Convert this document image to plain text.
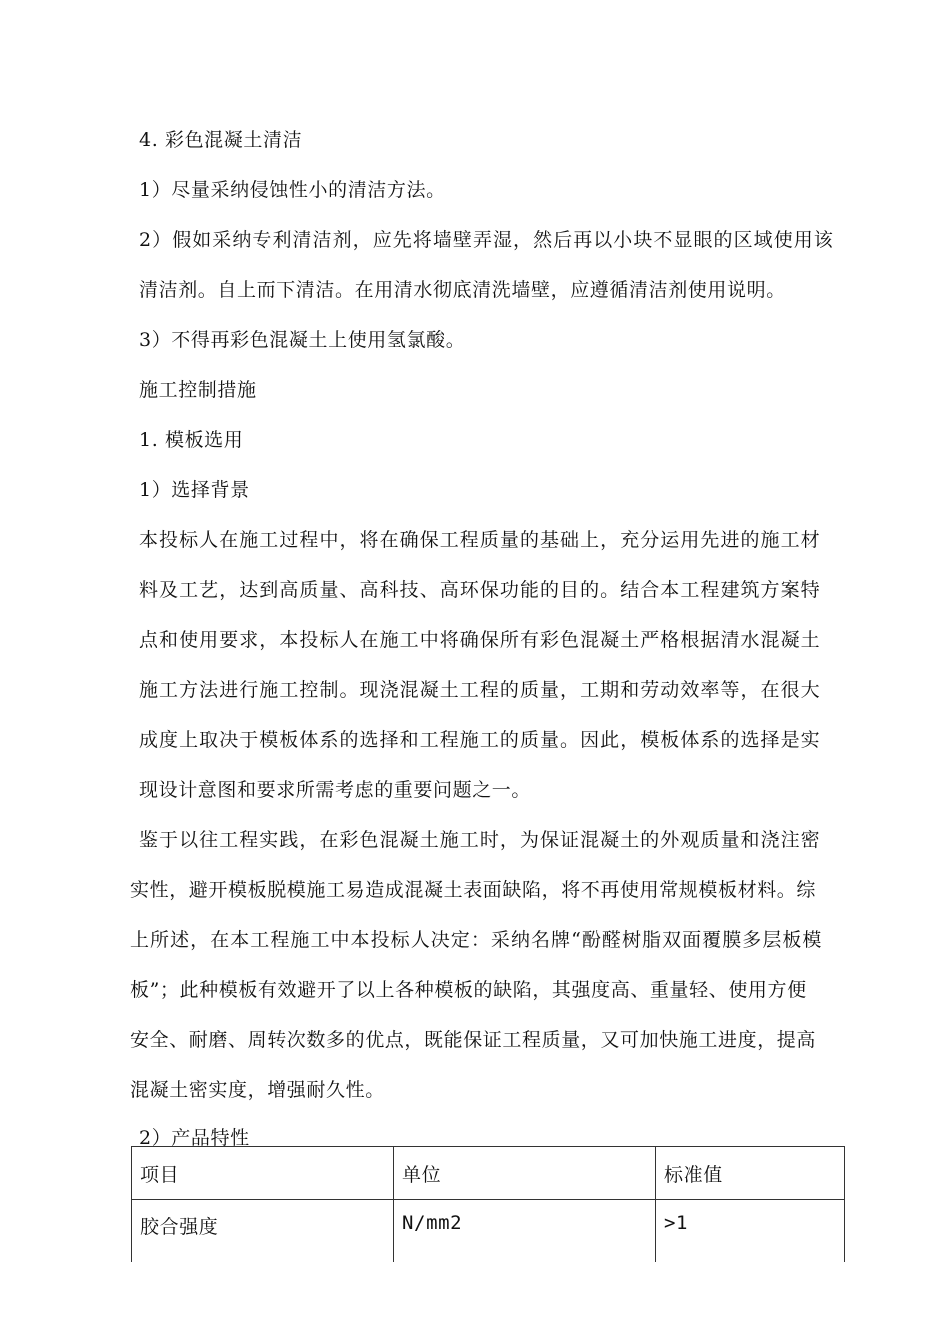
4. 彩色混凝土清洁
1）尽量采纳侵蚀性小的清洁方法。
2）假如采纳专利清洁剂，应先将墙壁弄湿，然后再以小块不显眼的区域使用该
清洁剂。自上而下清洁。在用清水彻底清洗墙壁，应遵循清洁剂使用说明。
3）不得再彩色混凝土上使用氢氯酸。
施工控制措施
1. 模板选用
1）选择背景
本投标人在施工过程中，将在确保工程质量的基础上，充分运用先进的施工材
料及工艺，达到高质量、高科技、高环保功能的目的。结合本工程建筑方案特
点和使用要求，本投标人在施工中将确保所有彩色混凝土严格根据清水混凝土
施工方法进行施工控制。现浇混凝土工程的质量，工期和劳动效率等，在很大
成度上取决于模板体系的选择和工程施工的质量。因此，模板体系的选择是实
现设计意图和要求所需考虑的重要问题之一。
鉴于以往工程实践，在彩色混凝土施工时，为保证混凝土的外观质量和浇注密
实性，避开模板脱模施工易造成混凝土表面缺陷，将不再使用常规模板材料。综
上所述，在本工程施工中本投标人决定：采纳名牌“酚醛树脂双面覆膜多层板模
板”；此种模板有效避开了以上各种模板的缺陷，其强度高、重量轻、使用方便
安全、耐磨、周转次数多的优点，既能保证工程质量，又可加快施工进度，提高
混凝土密实度，增强耐久性。
2）产品特性
项目	单位	标准值
胶合强度	N/mm2	>1
